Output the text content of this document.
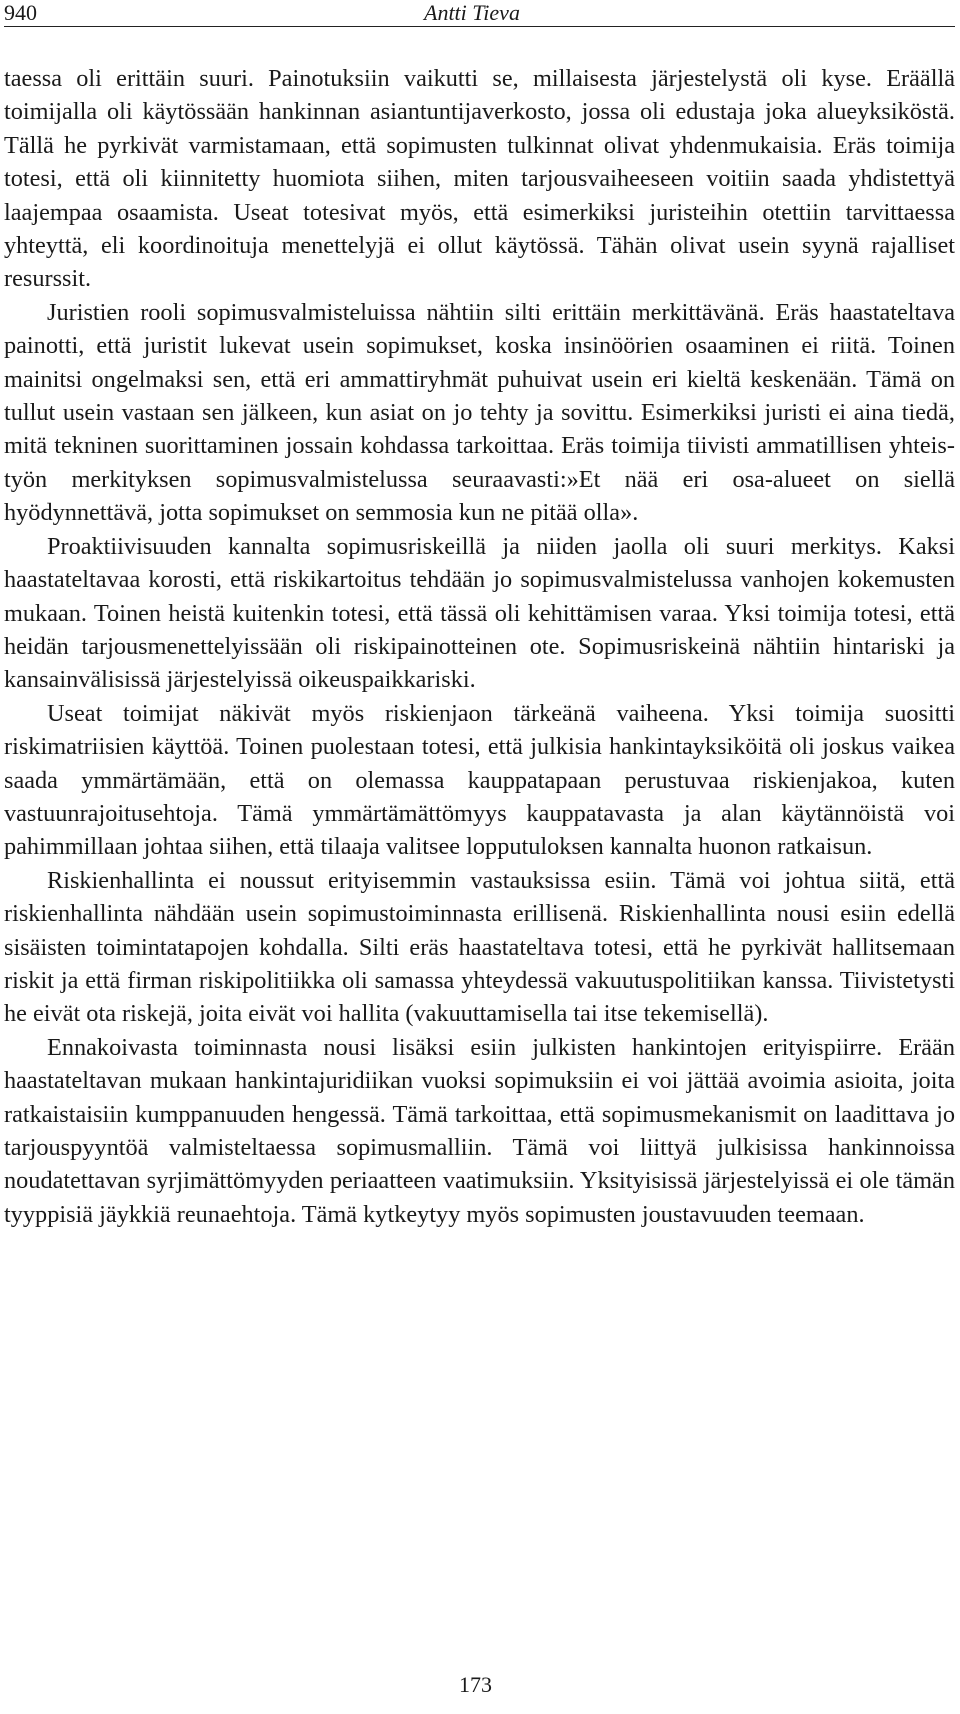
940	Antti Tieva

taessa oli erittäin suuri. Painotuksiin vaikutti se, millaisesta järjestelystä oli kyse. Eräällä toimijalla oli käytössään hankinnan asiantuntijaverkosto, jossa oli edustaja joka alueyksiköstä. Tällä he pyrkivät varmistamaan, että sopimusten tulkinnat olivat yhdenmukaisia. Eräs toimija totesi, että oli kiinnitetty huomiota siihen, miten tarjousvaiheeseen voitiin saada yhdistettyä laajempaa osaamista. Useat totesivat myös, että esimerkiksi juristeihin otettiin tarvittaessa yhteyttä, eli koordinoituja menettelyjä ei ollut käytössä. Tähän olivat usein syynä rajalliset resurssit.

Juristien rooli sopimusvalmisteluissa nähtiin silti erittäin merkittävänä. Eräs haastateltava painotti, että juristit lukevat usein sopimukset, koska insinöörien osaaminen ei riitä. Toinen mainitsi ongelmaksi sen, että eri ammattiryhmät puhuivat usein eri kieltä keskenään. Tämä on tullut usein vastaan sen jälkeen, kun asiat on jo tehty ja sovittu. Esimerkiksi juristi ei aina tiedä, mitä tekninen suorittaminen jossain kohdassa tarkoittaa. Eräs toimija tiivisti ammatillisen yhteistyön merkityksen sopimusvalmistelussa seuraavasti:»Et nää eri osa-alueet on siellä hyödynnettävä, jotta sopimukset on semmosia kun ne pitää olla».

Proaktiivisuuden kannalta sopimusriskeillä ja niiden jaolla oli suuri merkitys. Kaksi haastateltavaa korosti, että riskikartoitus tehdään jo sopimusvalmistelussa vanhojen kokemusten mukaan. Toinen heistä kuitenkin totesi, että tässä oli kehittämisen varaa. Yksi toimija totesi, että heidän tarjousmenettelyissään oli riskipainotteinen ote. Sopimusriskeinä nähtiin hintariski ja kansainvälisissä järjestelyissä oikeuspaikkariski.

Useat toimijat näkivät myös riskienjaon tärkeänä vaiheena. Yksi toimija suositti riskimatriisien käyttöä. Toinen puolestaan totesi, että julkisia hankintayksiköitä oli joskus vaikea saada ymmärtämään, että on olemassa kauppatapaan perustuvaa riskienjakoa, kuten vastuunrajoitusehtoja. Tämä ymmärtämättömyys kauppatavasta ja alan käytännöistä voi pahimmillaan johtaa siihen, että tilaaja valitsee lopputuloksen kannalta huonon ratkaisun.

Riskienhallinta ei noussut erityisemmin vastauksissa esiin. Tämä voi johtua siitä, että riskienhallinta nähdään usein sopimustoiminnasta erillisenä. Riskienhallinta nousi esiin edellä sisäisten toimintatapojen kohdalla. Silti eräs haastateltava totesi, että he pyrkivät hallitsemaan riskit ja että firman riskipolitiikka oli samassa yhteydessä vakuutuspolitiikan kanssa. Tiivistetysti he eivät ota riskejä, joita eivät voi hallita (vakuuttamisella tai itse tekemisellä).

Ennakoivasta toiminnasta nousi lisäksi esiin julkisten hankintojen erityispiirre. Erään haastateltavan mukaan hankintajuridiikan vuoksi sopimuksiin ei voi jättää avoimia asioita, joita ratkaistaisiin kumppanuuden hengessä. Tämä tarkoittaa, että sopimusmekanismit on laadittava jo tarjouspyyntöä valmisteltaessa sopimusmalliin. Tämä voi liittyä julkisissa hankinnoissa noudatettavan syrjimättömyyden periaatteen vaatimuksiin. Yksityisissä järjestelyissä ei ole tämän tyyppisiä jäykkiä reunaehtoja. Tämä kytkeytyy myös sopimusten joustavuuden teemaan.

173
